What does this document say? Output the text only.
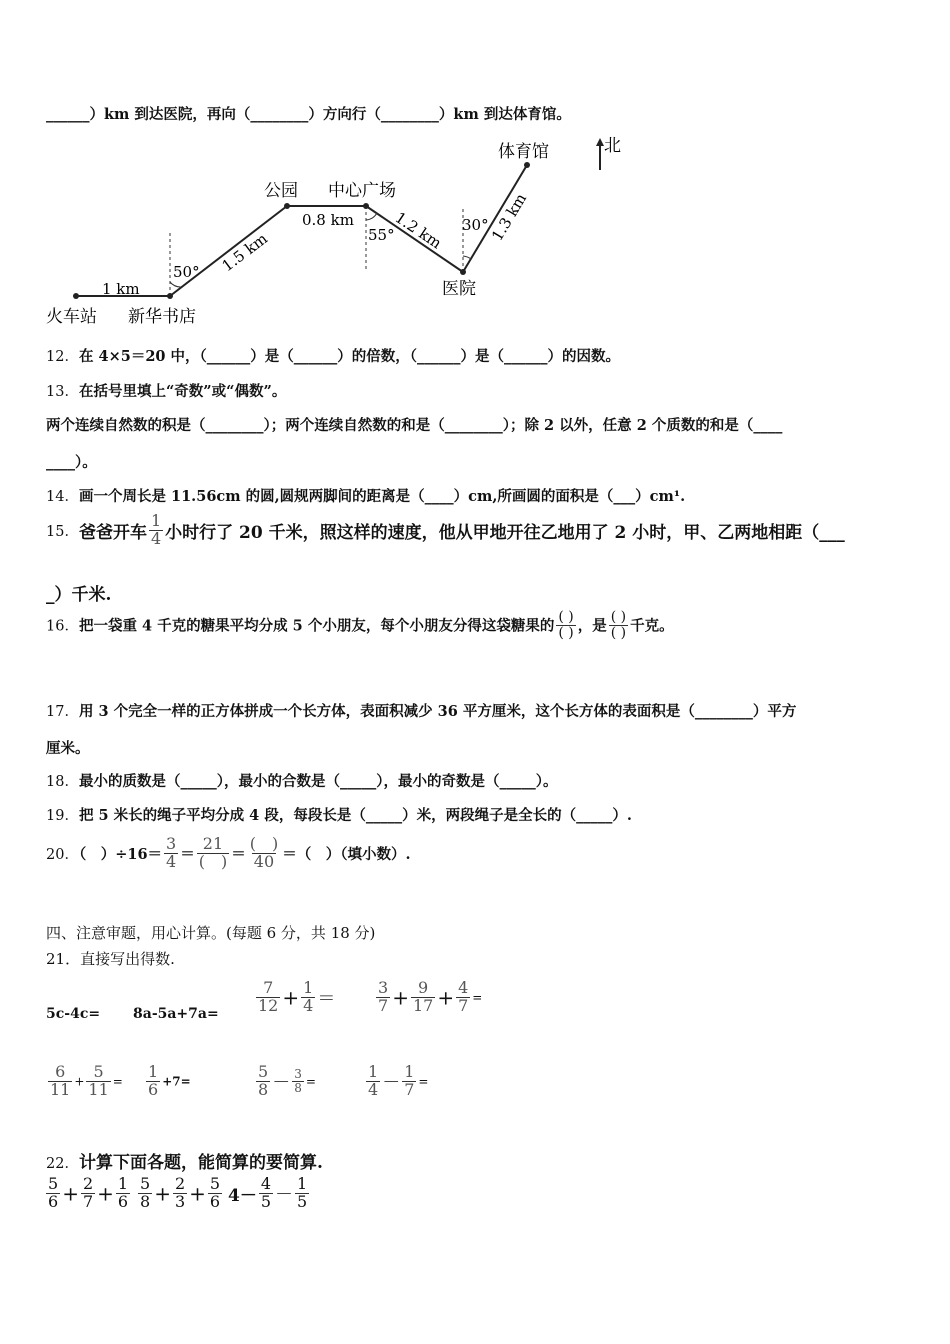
______）km 到达医院，再向（________）方向行（________）km 到达体育馆。
体育馆	北
公园 中心广场
医院
火车站 新华书店
0.8 km
1 km
1.5 km	1.2 km	1.3 km
50°
55°
30°
12．在 4×5＝20 中，（______）是（______）的倍数，（______）是（______）的因数。
13．在括号里填上“奇数”或“偶数”。
两个连续自然数的积是（________）；两个连续自然数的和是（________）；除 2 以外，任意 2 个质数的和是（____
____）。
14．画一个周长是 11.56cm 的圆,圆规两脚间的距离是（____）cm,所画圆的面积是（___）cm¹.
15．爸爸开车 $\frac{1}{4}$ 小时行了 20 千米，照这样的速度，他从甲地开往乙地用了 2 小时，甲、乙两地相距（___
_）千米.
16．把一袋重 4 千克的糖果平均分成 5 个小朋友，每个小朋友分得这袋糖果的 $\frac{( )}{( )}$ ，是 $\frac{( )}{( )}$ 千克。
17．用 3 个完全一样的正方体拼成一个长方体，表面积减少 36 平方厘米，这个长方体的表面积是（________）平方
厘米。
18．最小的质数是（_____），最小的合数是（_____），最小的奇数是（_____）。
19．把 5 米长的绳子平均分成 4 段，每段长是（_____）米，两段绳子是全长的（_____）.
20．（　）$\div 16= \frac{3}{4} = \frac{21}{( )} = \frac{( )}{40}$ ＝（　）（填小数）.
四、注意审题，用心计算。(每题 6 分，共 18 分)
21．直接写出得数.
$5c-4c= 8a-5a+7a= \frac{7}{12} + \frac{1}{4}$ ＝	$\frac{3}{7} + \frac{9}{17} + \frac{4}{7}$ =
$\frac{6}{11} + \frac{5}{11} = \frac{1}{6} +7=$	$\frac{5}{8} - \frac{3}{8}$ =	$\frac{1}{4} - \frac{1}{7}$ =
22．计算下面各题，能简算的要简算.
$\frac{5}{6} + \frac{2}{7} + \frac{1}{6} \frac{5}{8} + \frac{2}{3} + \frac{5}{6} 4- \frac{4}{5} - \frac{1}{5}$
